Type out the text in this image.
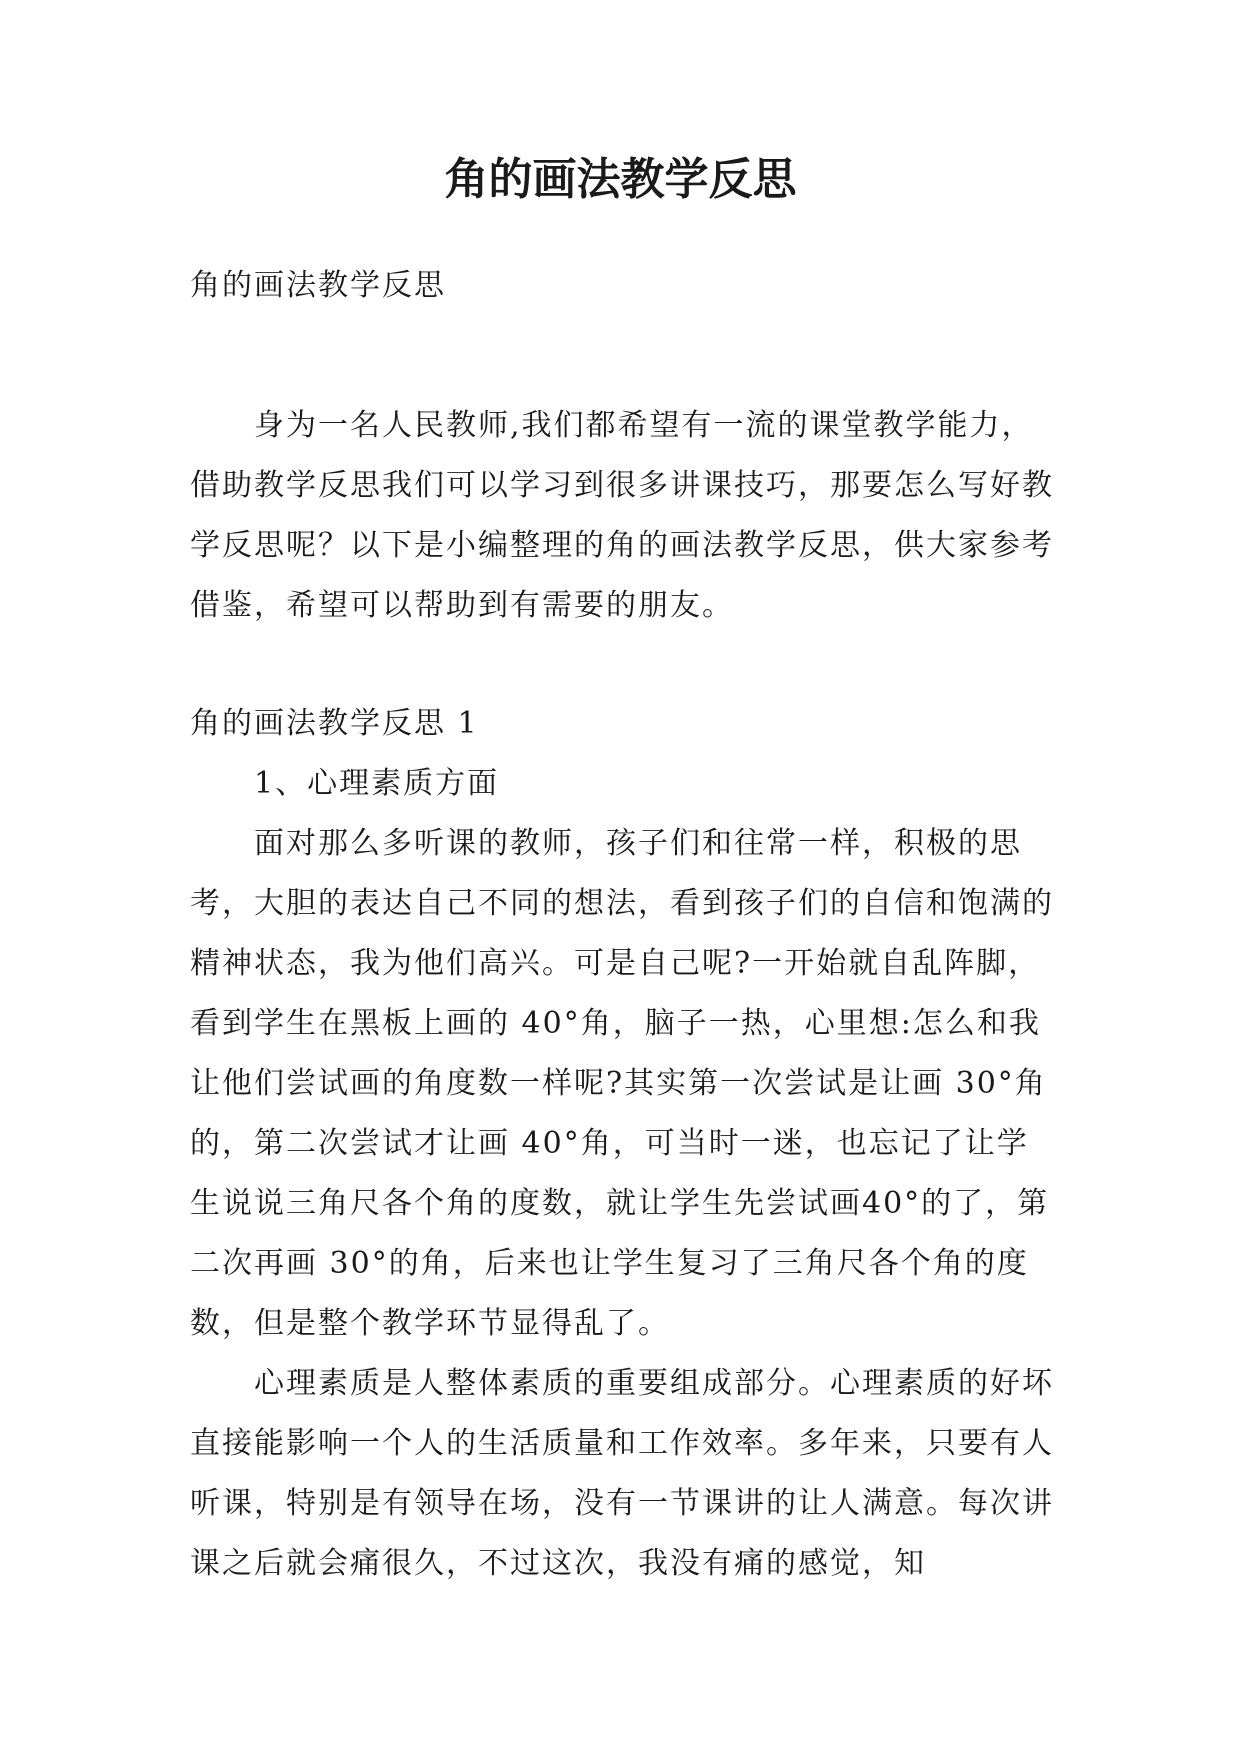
角的画法教学反思

角的画法教学反思

身为一名人民教师,我们都希望有一流的课堂教学能力，借助教学反思我们可以学习到很多讲课技巧，那要怎么写好教学反思呢？以下是小编整理的角的画法教学反思，供大家参考借鉴，希望可以帮助到有需要的朋友。

角的画法教学反思 1

1、心理素质方面

面对那么多听课的教师，孩子们和往常一样，积极的思考，大胆的表达自己不同的想法，看到孩子们的自信和饱满的精神状态，我为他们高兴。可是自己呢?一开始就自乱阵脚，看到学生在黑板上画的 40°角，脑子一热，心里想:怎么和我让他们尝试画的角度数一样呢?其实第一次尝试是让画 30°角的，第二次尝试才让画 40°角，可当时一迷，也忘记了让学生说说三角尺各个角的度数，就让学生先尝试画40°的了，第二次再画 30°的角，后来也让学生复习了三角尺各个角的度数，但是整个教学环节显得乱了。

心理素质是人整体素质的重要组成部分。心理素质的好坏直接能影响一个人的生活质量和工作效率。多年来，只要有人听课，特别是有领导在场，没有一节课讲的让人满意。每次讲课之后就会痛很久，不过这次，我没有痛的感觉，知
